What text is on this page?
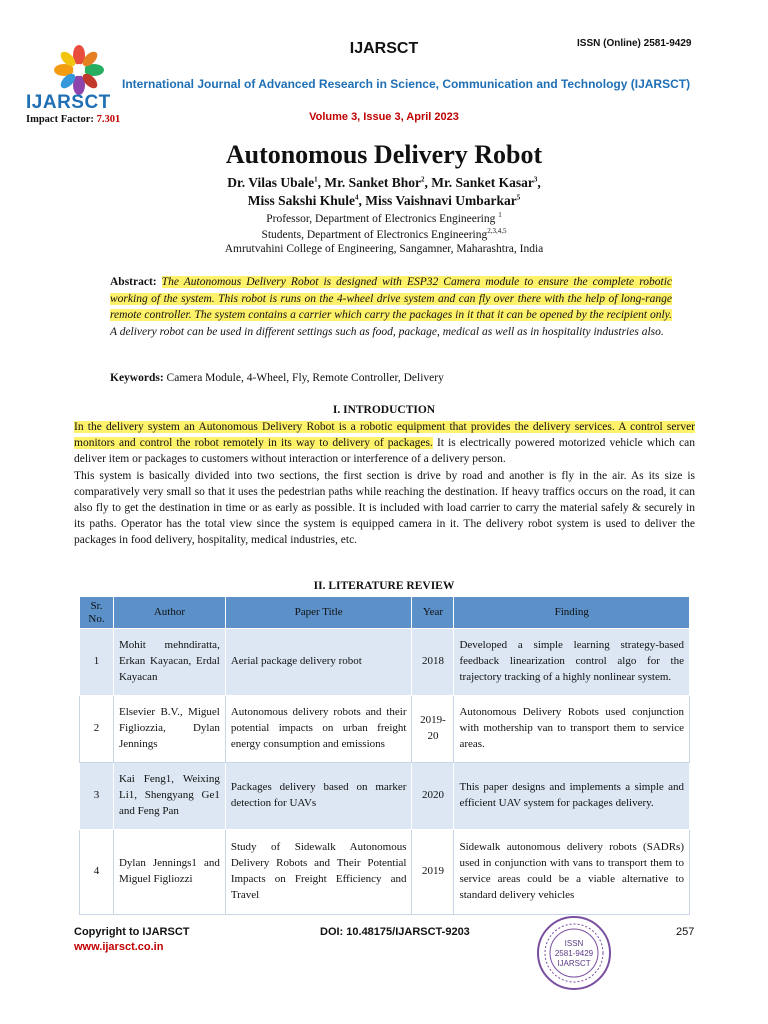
IJARSCT
Impact Factor: 7.301
IJARSCT	ISSN (Online) 2581-9429
International Journal of Advanced Research in Science, Communication and Technology (IJARSCT)
Volume 3, Issue 3, April 2023
Autonomous Delivery Robot
Dr. Vilas Ubale$^1$, Mr. Sanket Bhor$^2$, Mr. Sanket Kasar$^3$,
Miss Sakshi Khule$^4$, Miss Vaishnavi Umbarkar$^5$
Professor, Department of Electronics Engineering $^1$
Students, Department of Electronics Engineering$^{2,3,4,5}$
Amrutvahini College of Engineering, Sangamner, Maharashtra, India
Abstract: The Autonomous Delivery Robot is designed with ESP32 Camera module to ensure the complete robotic working of the system. This robot is runs on the 4-wheel drive system and can fly over there with the help of long-range remote controller. The system contains a carrier which carry the packages in it that it can be opened by the recipient only. A delivery robot can be used in different settings such as food, package, medical as well as in hospitality industries also.
Keywords: Camera Module, 4-Wheel, Fly, Remote Controller, Delivery
I. INTRODUCTION

In the delivery system an Autonomous Delivery Robot is a robotic equipment that provides the delivery services. A control server monitors and control the robot remotely in its way to delivery of packages. It is electrically powered motorized vehicle which can deliver item or packages to customers without interaction or interference of a delivery person.

This system is basically divided into two sections, the first section is drive by road and another is fly in the air. As its size is comparatively very small so that it uses the pedestrian paths while reaching the destination. If heavy traffics occurs on the road, it can also fly to get the destination in time or as early as possible. It is included with load carrier to carry the material safely & securely in its paths. Operator has the total view since the system is equipped camera in it. The delivery robot system is used to deliver the packages in food delivery, hospitality, medical industries, etc.

II. LITERATURE REVIEW
Sr. No.	Author	Paper Title	Year	Finding
1	Mohit mehndiratta, Erkan Kayacan, Erdal Kayacan	Aerial package delivery robot	2018	Developed a simple learning strategy-based feedback linearization control algo for the trajectory tracking of a highly nonlinear system.
2	Elsevier B.V., Miguel Figliozzia, Dylan Jennings	Autonomous delivery robots and their potential impacts on urban freight energy consumption and emissions	2019-20	Autonomous Delivery Robots used conjunction with mothership van to transport them to service areas.
3	Kai Feng1, Weixing Li1, Shengyang Ge1 and Feng Pan	Packages delivery based on marker detection for UAVs	2020	This paper designs and implements a simple and efficient UAV system for packages delivery.
4	Dylan Jennings1 and Miguel Figliozzi	Study of Sidewalk Autonomous Delivery Robots and Their Potential Impacts on Freight Efficiency and Travel	2019	Sidewalk autonomous delivery robots (SADRs) used in conjunction with vans to transport them to service areas could be a viable alternative to standard delivery vehicles
Copyright to IJARSCT
www.ijarsct.co.in
DOI: 10.48175/IJARSCT-9203	257
ISSN
2581-9429
IJARSCT
